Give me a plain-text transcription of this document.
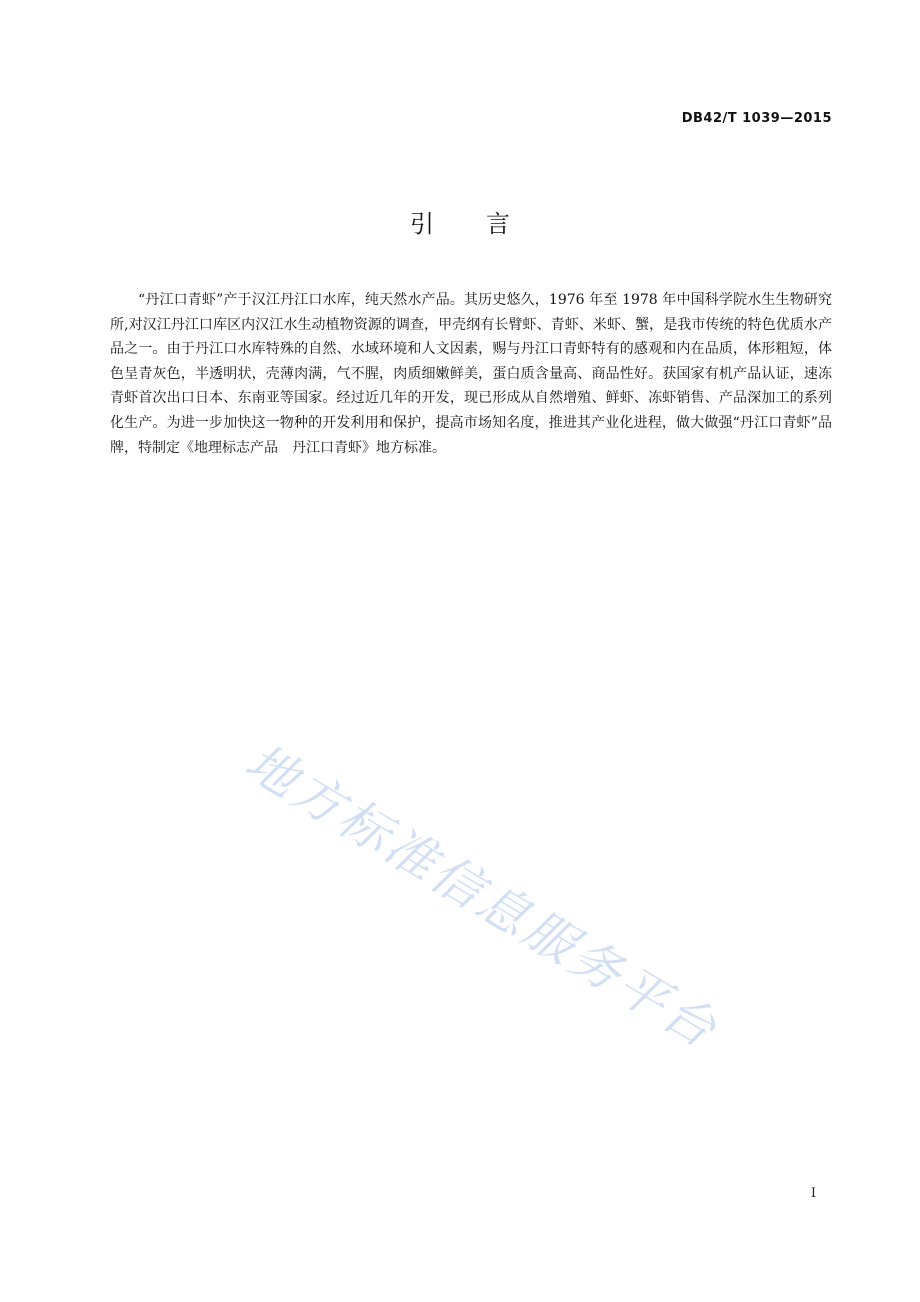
DB42/T 1039—2015
引言

“丹江口青虾”产于汉江丹江口水库，纯天然水产品。其历史悠久，1976 年至 1978 年中国科学院水生生物研究所,对汉江丹江口库区内汉江水生动植物资源的调查，甲壳纲有长臂虾、青虾、米虾、蟹，是我市传统的特色优质水产品之一。由于丹江口水库特殊的自然、水域环境和人文因素，赐与丹江口青虾特有的感观和内在品质，体形粗短，体色呈青灰色，半透明状，壳薄肉满，气不腥，肉质细嫩鲜美，蛋白质含量高、商品性好。获国家有机产品认证，速冻青虾首次出口日本、东南亚等国家。经过近几年的开发，现已形成从自然增殖、鲜虾、冻虾销售、产品深加工的系列化生产。为进一步加快这一物种的开发利用和保护，提高市场知名度，推进其产业化进程，做大做强“丹江口青虾”品牌，特制定《地理标志产品　丹江口青虾》地方标准。

地方标准信息服务平台
I
